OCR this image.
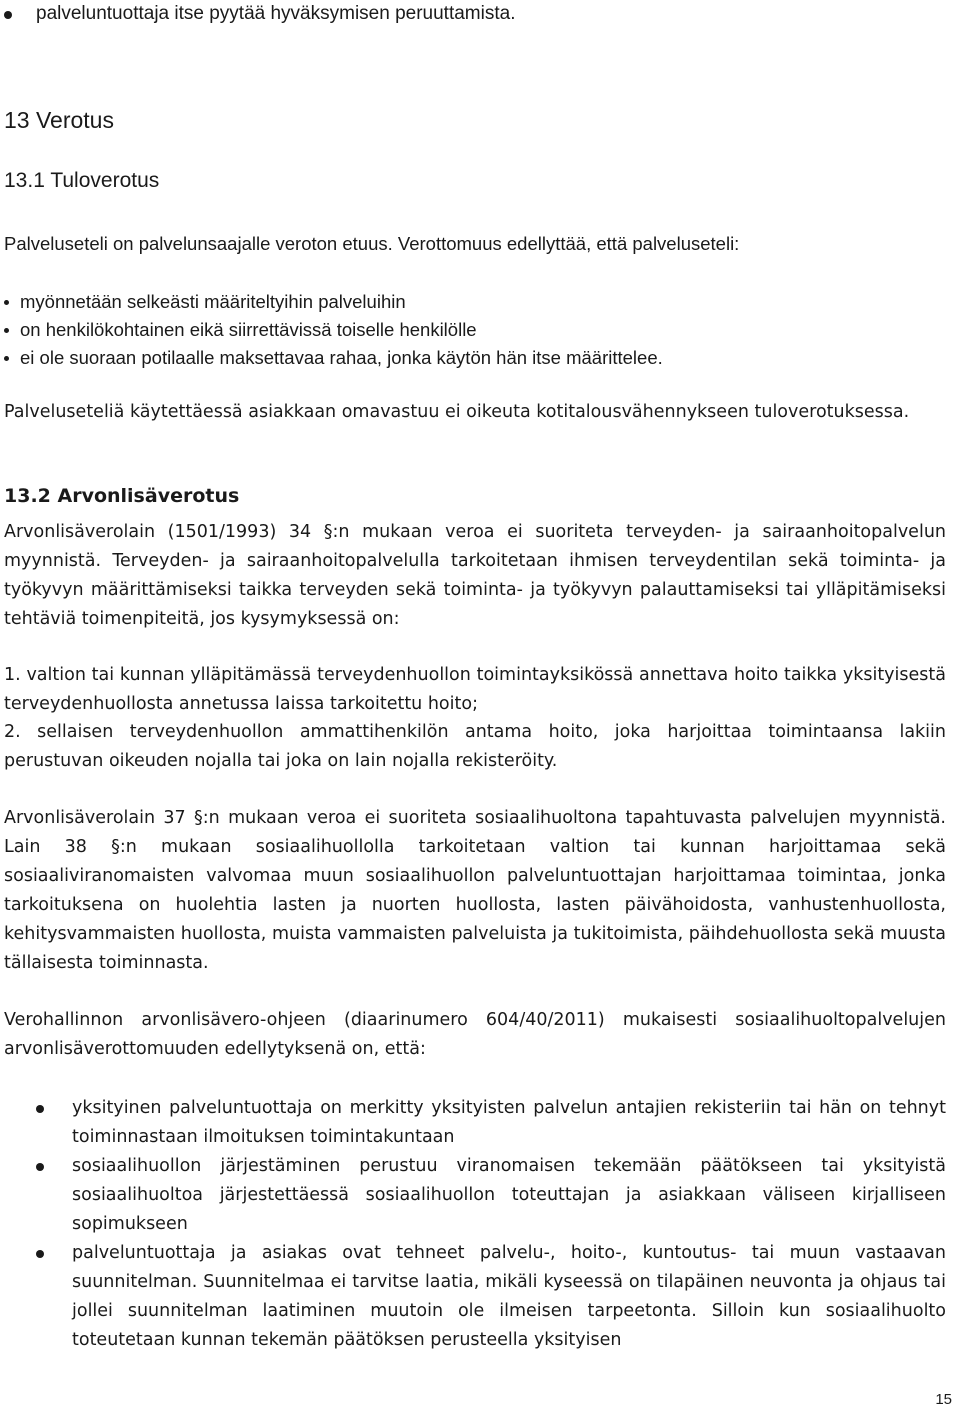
palveluntuottaja itse pyytää hyväksymisen peruuttamista.
13 Verotus
13.1 Tuloverotus

Palveluseteli on palvelunsaajalle veroton etuus. Verottomuus edellyttää, että palveluseteli:

myönnetään selkeästi määriteltyihin palveluihin
on henkilökohtainen eikä siirrettävissä toiselle henkilölle
ei ole suoraan potilaalle maksettavaa rahaa, jonka käytön hän itse määrittelee.

Palveluseteliä käytettäessä asiakkaan omavastuu ei oikeuta kotitalousvähennykseen tuloverotuksessa.

13.2 Arvonlisäverotus

Arvonlisäverolain (1501/1993) 34 §:n mukaan veroa ei suoriteta terveyden- ja sairaanhoitopalvelun myynnistä. Terveyden- ja sairaanhoitopalvelulla tarkoitetaan ihmisen terveydentilan sekä toiminta- ja työkyvyn määrittämiseksi taikka terveyden sekä toiminta- ja työkyvyn palauttamiseksi tai ylläpitämiseksi tehtäviä toimenpiteitä, jos kysymyksessä on:

1. valtion tai kunnan ylläpitämässä terveydenhuollon toimintayksikössä annettava hoito taikka yksityisestä terveydenhuollosta annetussa laissa tarkoitettu hoito;

2. sellaisen terveydenhuollon ammattihenkilön antama hoito, joka harjoittaa toimintaansa lakiin perustuvan oikeuden nojalla tai joka on lain nojalla rekisteröity.

Arvonlisäverolain 37 §:n mukaan veroa ei suoriteta sosiaalihuoltona tapahtuvasta palvelujen myynnistä. Lain 38 §:n mukaan sosiaalihuollolla tarkoitetaan valtion tai kunnan harjoittamaa sekä sosiaaliviranomaisten valvomaa muun sosiaalihuollon palveluntuottajan harjoittamaa toimintaa, jonka tarkoituksena on huolehtia lasten ja nuorten huollosta, lasten päivähoidosta, vanhustenhuollosta, kehitysvammaisten huollosta, muista vammaisten palveluista ja tukitoimista, päihdehuollosta sekä muusta tällaisesta toiminnasta.

Verohallinnon arvonlisävero-ohjeen (diaarinumero 604/40/2011) mukaisesti sosiaalihuoltopalvelujen arvonlisäverottomuuden edellytyksenä on, että:

yksityinen palveluntuottaja on merkitty yksityisten palvelun antajien rekisteriin tai hän on tehnyt toiminnastaan ilmoituksen toimintakuntaan
sosiaalihuollon järjestäminen perustuu viranomaisen tekemään päätökseen tai yksityistä sosiaalihuoltoa järjestettäessä sosiaalihuollon toteuttajan ja asiakkaan väliseen kirjalliseen sopimukseen
palveluntuottaja ja asiakas ovat tehneet palvelu-, hoito-, kuntoutus- tai muun vastaavan suunnitelman. Suunnitelmaa ei tarvitse laatia, mikäli kyseessä on tilapäinen neuvonta ja ohjaus tai jollei suunnitelman laatiminen muutoin ole ilmeisen tarpeetonta. Silloin kun sosiaalihuolto toteutetaan kunnan tekemän päätöksen perusteella yksityisen
15
